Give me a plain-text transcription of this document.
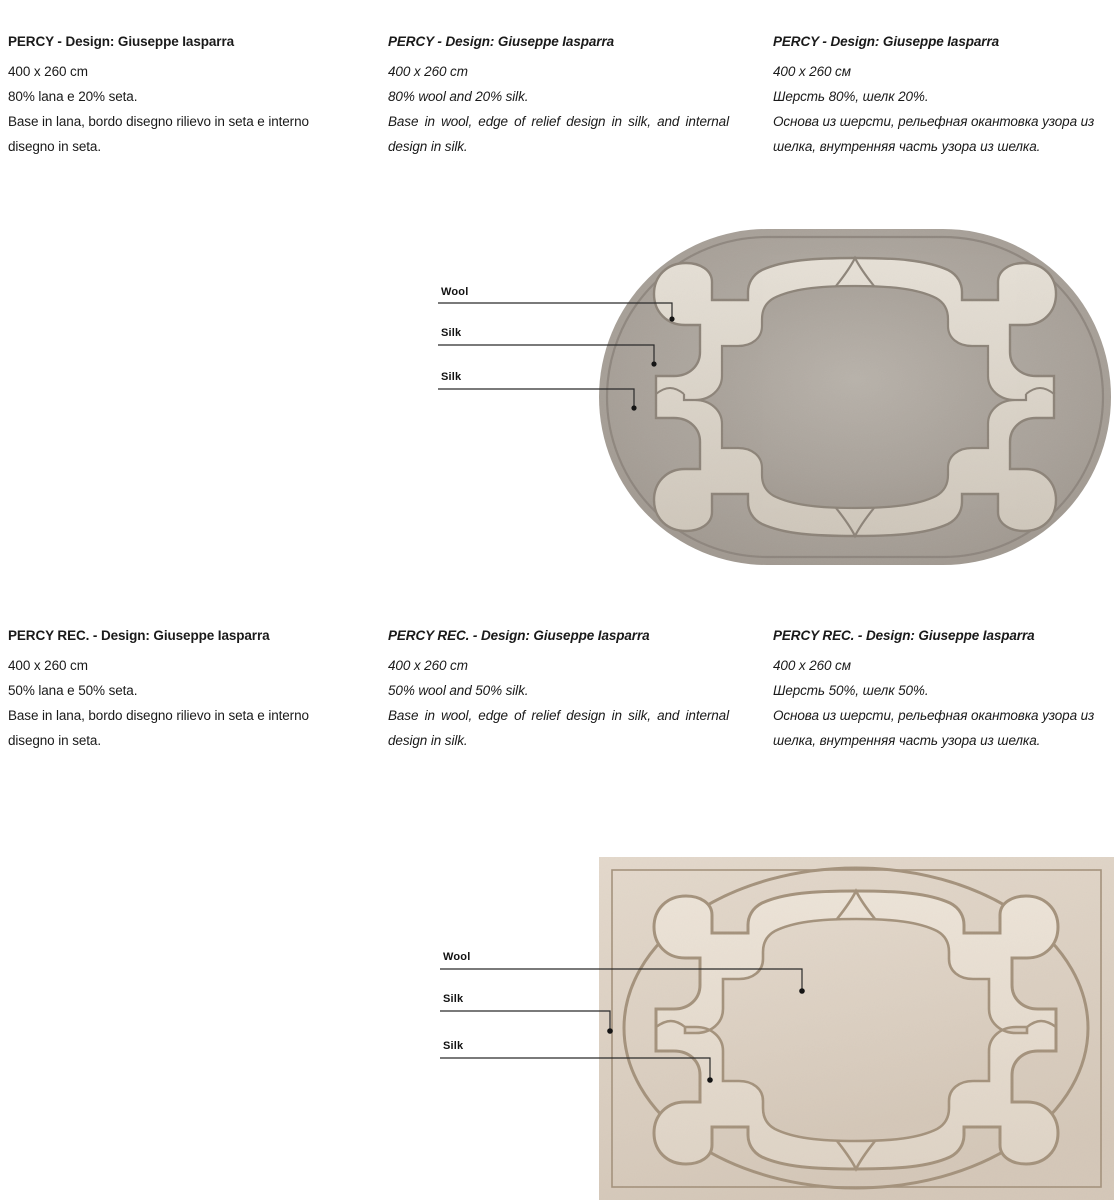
PERCY - Design: Giuseppe Iasparra
400 x 260 cm
80% lana e 20% seta.
Base in lana, bordo disegno rilievo in seta e interno disegno in seta.
PERCY - Design: Giuseppe Iasparra
400 x 260 cm
80% wool and 20% silk.
Base in wool, edge of relief design in silk, and internal design in silk.
PERCY - Design: Giuseppe Iasparra
400 x 260 см
Шерсть 80%, шелк 20%.
Основа из шерсти, рельефная окантовка узора из шелка, внутренняя часть узора из шелка.
Wool
Silk
Silk
PERCY REC. - Design: Giuseppe Iasparra
400 x 260 cm
50% lana e 50% seta.
Base in lana, bordo disegno rilievo in seta e interno disegno in seta.
PERCY REC. - Design: Giuseppe Iasparra
400 x 260 cm
50% wool and 50% silk.
Base in wool, edge of relief design in silk, and internal design in silk.
PERCY REC. - Design: Giuseppe Iasparra
400 x 260 см
Шерсть 50%, шелк 50%.
Основа из шерсти, рельефная окантовка узора из шелка, внутренняя часть узора из шелка.
Wool
Silk
Silk
